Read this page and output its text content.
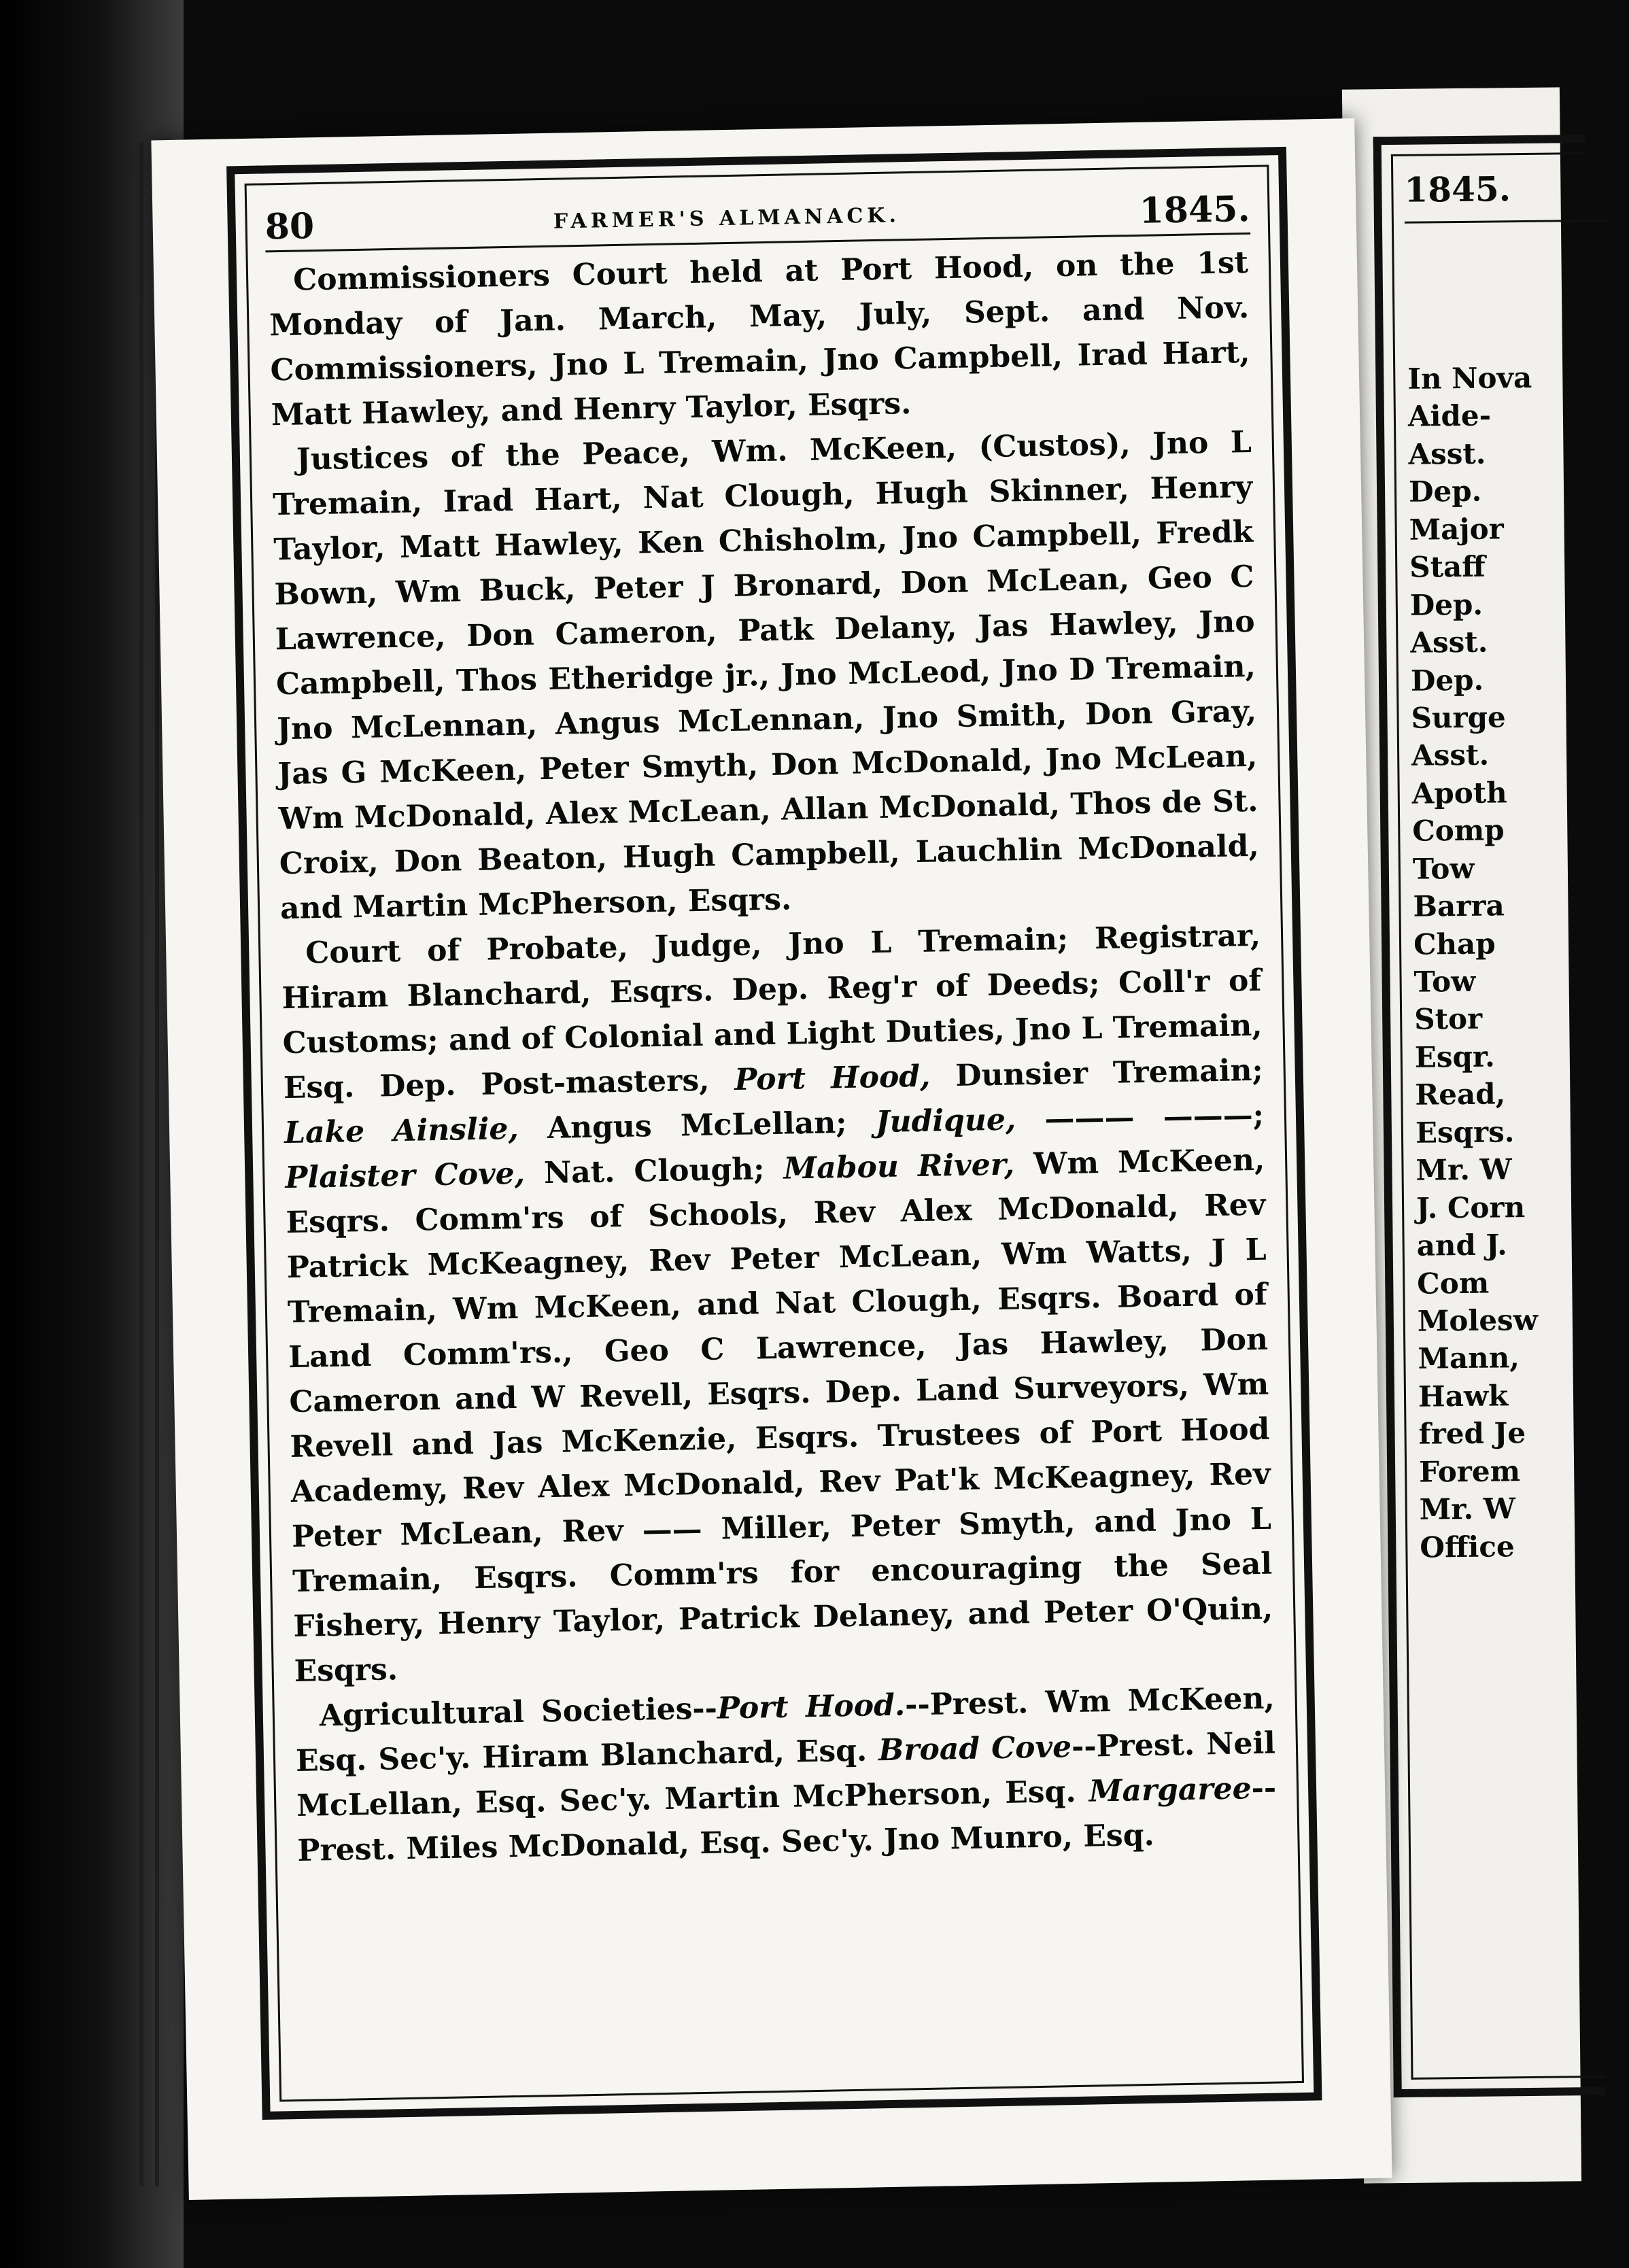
1845.
In Nova
Aide-
Asst.
Dep.
Major
Staff
Dep.
Asst.
Dep.
Surge
Asst.
Apoth
Comp
Tow
Barra
Chap
Tow
Stor
Esqr.
Read,
Esqrs.
Mr. W
J. Corn
and J.
Com
Molesw
Mann,
Hawk
fred Je
Forem
Mr. W
Office
80	FARMER'S ALMANACK.	1845.

Commissioners Court held at Port Hood, on the 1st Monday of Jan. March, May, July, Sept. and Nov. Commissioners, Jno L Tremain, Jno Campbell, Irad Hart, Matt Hawley, and Henry Taylor, Esqrs.

Justices of the Peace, Wm. McKeen, (Custos), Jno L Tremain, Irad Hart, Nat Clough, Hugh Skinner, Henry Taylor, Matt Hawley, Ken Chisholm, Jno Campbell, Fredk Bown, Wm Buck, Peter J Bronard, Don McLean, Geo C Lawrence, Don Cameron, Patk Delany, Jas Hawley, Jno Campbell, Thos Etheridge jr., Jno McLeod, Jno D Tremain, Jno McLennan, Angus McLennan, Jno Smith, Don Gray, Jas G McKeen, Peter Smyth, Don McDonald, Jno McLean, Wm McDonald, Alex McLean, Allan McDonald, Thos de St. Croix, Don Beaton, Hugh Campbell, Lauchlin McDonald, and Martin McPherson, Esqrs.

Court of Probate, Judge, Jno L Tremain; Registrar, Hiram Blanchard, Esqrs. Dep. Reg'r of Deeds; Coll'r of Customs; and of Colonial and Light Duties, Jno L Tremain, Esq. Dep. Post-masters, Port Hood, Dunsier Tremain; Lake Ainslie, Angus McLellan; Judique, ——— ———; Plaister Cove, Nat. Clough; Mabou River, Wm McKeen, Esqrs. Comm'rs of Schools, Rev Alex McDonald, Rev Patrick McKeagney, Rev Peter McLean, Wm Watts, J L Tremain, Wm McKeen, and Nat Clough, Esqrs. Board of Land Comm'rs., Geo C Lawrence, Jas Hawley, Don Cameron and W Revell, Esqrs. Dep. Land Surveyors, Wm Revell and Jas McKenzie, Esqrs. Trustees of Port Hood Academy, Rev Alex McDonald, Rev Pat'k McKeagney, Rev Peter McLean, Rev —— Miller, Peter Smyth, and Jno L Tremain, Esqrs. Comm'rs for encouraging the Seal Fishery, Henry Taylor, Patrick Delaney, and Peter O'Quin, Esqrs.

Agricultural Societies--Port Hood.--Prest. Wm McKeen, Esq. Sec'y. Hiram Blanchard, Esq. Broad Cove--Prest. Neil McLellan, Esq. Sec'y. Martin McPherson, Esq. Margaree--Prest. Miles McDonald, Esq. Sec'y. Jno Munro, Esq.
